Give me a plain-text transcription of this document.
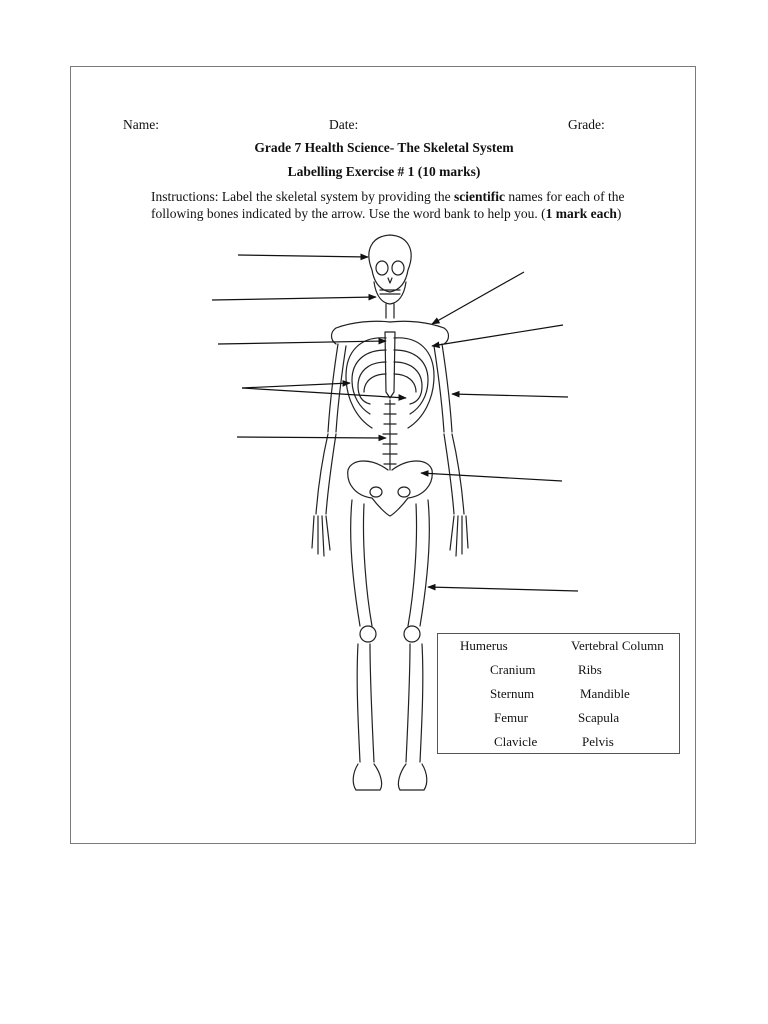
Name:	Date:	Grade:
Grade 7 Health Science- The Skeletal System
Labelling Exercise # 1 (10 marks)
Instructions: Label the skeletal system by providing the scientific names for each of the following bones indicated by the arrow. Use the word bank to help you. (1 mark each)
Humerus
Cranium
Sternum
Femur
Clavicle
Vertebral Column
Ribs
Mandible
Scapula
Pelvis
